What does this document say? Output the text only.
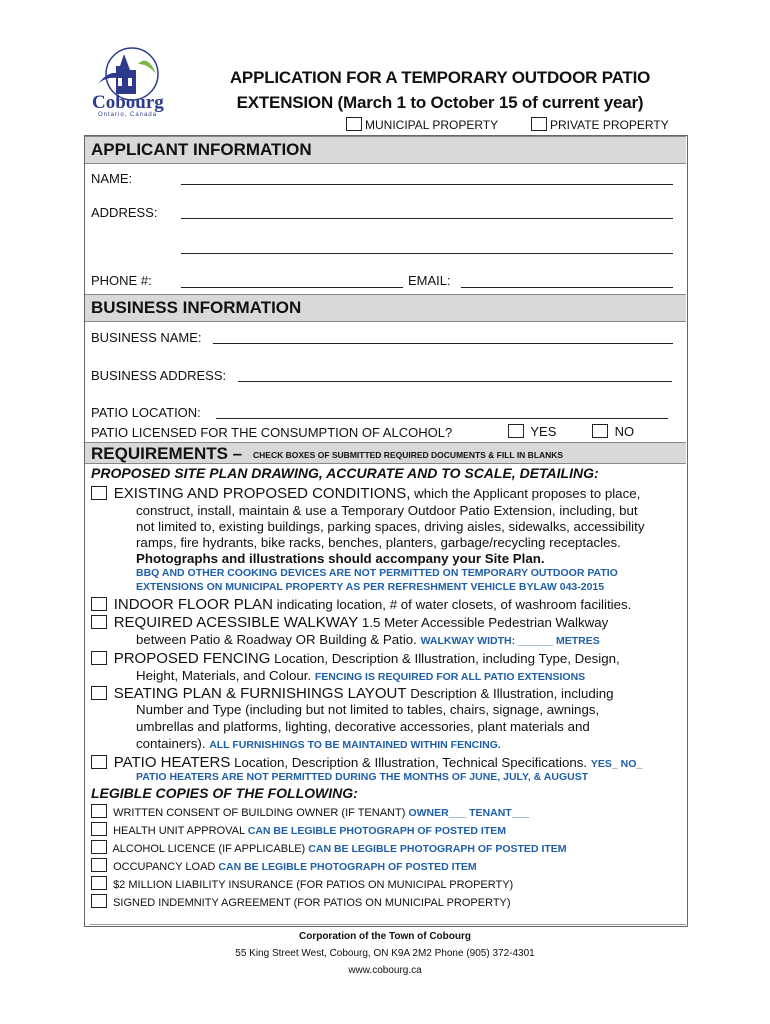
Cobourg
Ontario, Canada
APPLICATION FOR A TEMPORARY OUTDOOR PATIO
EXTENSION (March 1 to October 15 of current year)
MUNICIPAL PROPERTY	PRIVATE PROPERTY
APPLICANT INFORMATION
NAME:
ADDRESS:
PHONE #:	EMAIL:
BUSINESS INFORMATION
BUSINESS NAME:
BUSINESS ADDRESS:
PATIO LOCATION:
PATIO LICENSED FOR THE CONSUMPTION OF ALCOHOL?	YES	NO
REQUIREMENTS – CHECK BOXES OF SUBMITTED REQUIRED DOCUMENTS & FILL IN BLANKS
PROPOSED SITE PLAN DRAWING, ACCURATE AND TO SCALE, DETAILING:
EXISTING AND PROPOSED CONDITIONS, which the Applicant proposes to place,
construct, install, maintain & use a Temporary Outdoor Patio Extension, including, but
not limited to, existing buildings, parking spaces, driving aisles, sidewalks, accessibility
ramps, fire hydrants, bike racks, benches, planters, garbage/recycling receptacles.
Photographs and illustrations should accompany your Site Plan.
BBQ AND OTHER COOKING DEVICES ARE NOT PERMITTED ON TEMPORARY OUTDOOR PATIO
EXTENSIONS ON MUNICIPAL PROPERTY AS PER REFRESHMENT VEHICLE BYLAW 043-2015
INDOOR FLOOR PLAN indicating location, # of water closets, of washroom facilities.
REQUIRED ACESSIBLE WALKWAY 1.5 Meter Accessible Pedestrian Walkway
between Patio & Roadway OR Building & Patio. WALKWAY WIDTH: ______ METRES
PROPOSED FENCING Location, Description & Illustration, including Type, Design,
Height, Materials, and Colour. FENCING IS REQUIRED FOR ALL PATIO EXTENSIONS
SEATING PLAN & FURNISHINGS LAYOUT Description & Illustration, including
Number and Type (including but not limited to tables, chairs, signage, awnings,
umbrellas and platforms, lighting, decorative accessories, plant materials and
containers). ALL FURNISHINGS TO BE MAINTAINED WITHIN FENCING.
PATIO HEATERS Location, Description & Illustration, Technical Specifications. YES_ NO_
PATIO HEATERS ARE NOT PERMITTED DURING THE MONTHS OF JUNE, JULY, & AUGUST
LEGIBLE COPIES OF THE FOLLOWING:
WRITTEN CONSENT OF BUILDING OWNER (IF TENANT) OWNER___ TENANT___
HEALTH UNIT APPROVAL CAN BE LEGIBLE PHOTOGRAPH OF POSTED ITEM
ALCOHOL LICENCE (IF APPLICABLE) CAN BE LEGIBLE PHOTOGRAPH OF POSTED ITEM
OCCUPANCY LOAD CAN BE LEGIBLE PHOTOGRAPH OF POSTED ITEM
$2 MILLION LIABILITY INSURANCE (FOR PATIOS ON MUNICIPAL PROPERTY)
SIGNED INDEMNITY AGREEMENT (FOR PATIOS ON MUNICIPAL PROPERTY)
Corporation of the Town of Cobourg
55 King Street West, Cobourg, ON K9A 2M2 Phone (905) 372-4301
www.cobourg.ca
